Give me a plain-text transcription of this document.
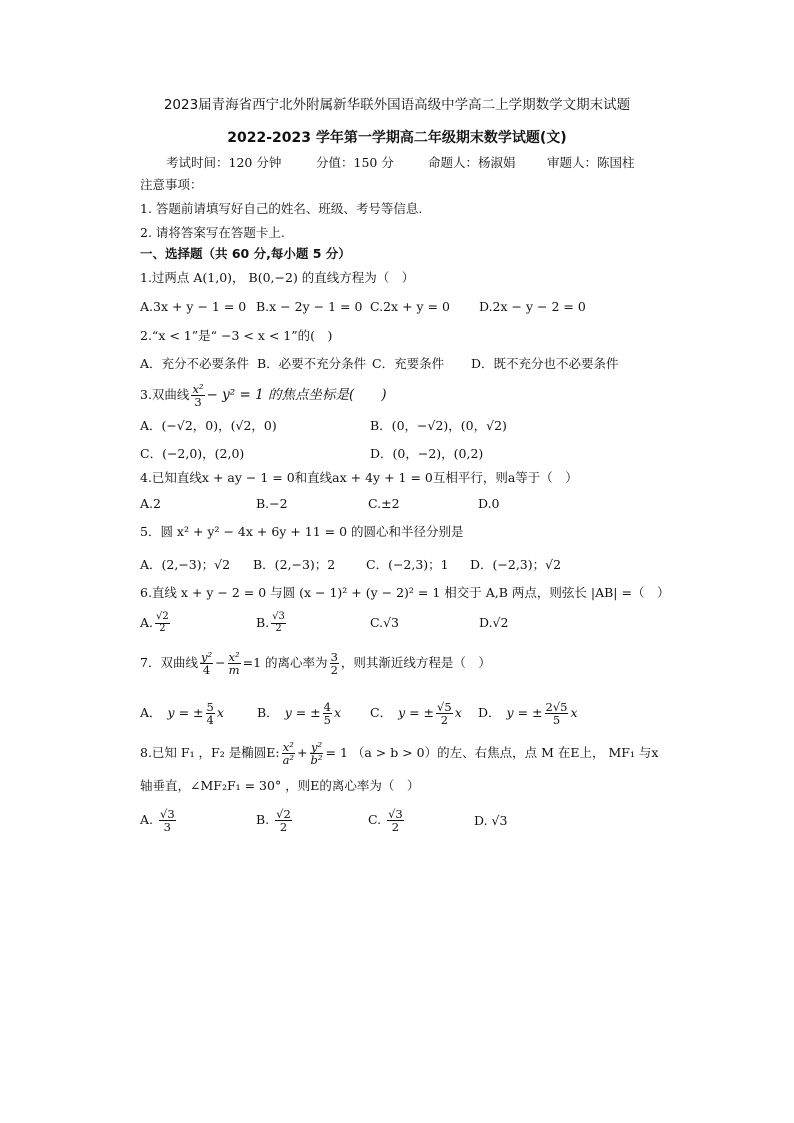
2023届青海省西宁北外附属新华联外国语高级中学高二上学期数学文期末试题
2022-2023 学年第一学期高二年级期末数学试题(文)
考试时间：120 分钟	分值：150 分	命题人：杨淑娟	审题人：陈国柱
注意事项：
1. 答题前请填写好自己的姓名、班级、考号等信息.
2. 请将答案写在答题卡上.
一、选择题（共 60 分,每小题 5 分）
1.过两点 A(1,0)， B(0,−2) 的直线方程为（　）
A.3x + y − 1 = 0 B.x − 2y − 1 = 0 C.2x + y = 0 D.2x − y − 2 = 0
2.“x < 1”是“ −3 < x < 1”的(　)
A．充分不必要条件 B．必要不充分条件 C．充要条件 D．既不充分也不必要条件
3.双曲线 $\frac{\text{x²}}{3} - y^2 = 1$ 的焦点坐标是(　　)
A．(−√2，0)，(√2，0)	B．(0，−√2)，(0，√2)
C．(−2,0)，(2,0)	D．(0，−2)，(0,2)
4.已知直线x + ay − 1 = 0和直线ax + 4y + 1 = 0互相平行，则a等于（　）
A.2	B.−2	C.±2	D.0
5．圆 x² + y² − 4x + 6y + 11 = 0 的圆心和半径分别是
A．(2,−3)；√2 B．(2,−3)；2 C．(−2,3)；1 D．(−2,3)；√2
6.直线 x + y − 2 = 0 与圆 (x − 1)² + (y − 2)² = 1 相交于 A,B 两点，则弦长 |AB| =（　）
A. $\frac{√2}{2}$	B. $\frac{√3}{2}$	C.√3	D.√2
7．双曲线 $\frac{\text{y²}}{4} - \frac{\text{x²}}{m} =1$ 的离心率为 $\frac{3}{2}$ ，则其渐近线方程是（　）
A． y = ± $\frac{5}{4}$ x	B． y = ± $\frac{4}{5}$ x C． y = ± $\frac{√5}{2}$ x D． y = ± $\frac{2√5}{5}$ x
8.已知 F₁ ，F₂ 是椭圆E: $\frac{\text{x²}}{\text{a²}} + \frac{\text{y²}}{\text{b²}} = 1$ （a > b > 0）的左、右焦点，点 M 在E上， MF₁ 与x
轴垂直，∠MF₂F₁ = 30° ，则E的离心率为（　）
A. $\frac{√3}{3}$	B. $\frac{√2}{2}$	C. $\frac{√3}{2}$	D. √3
